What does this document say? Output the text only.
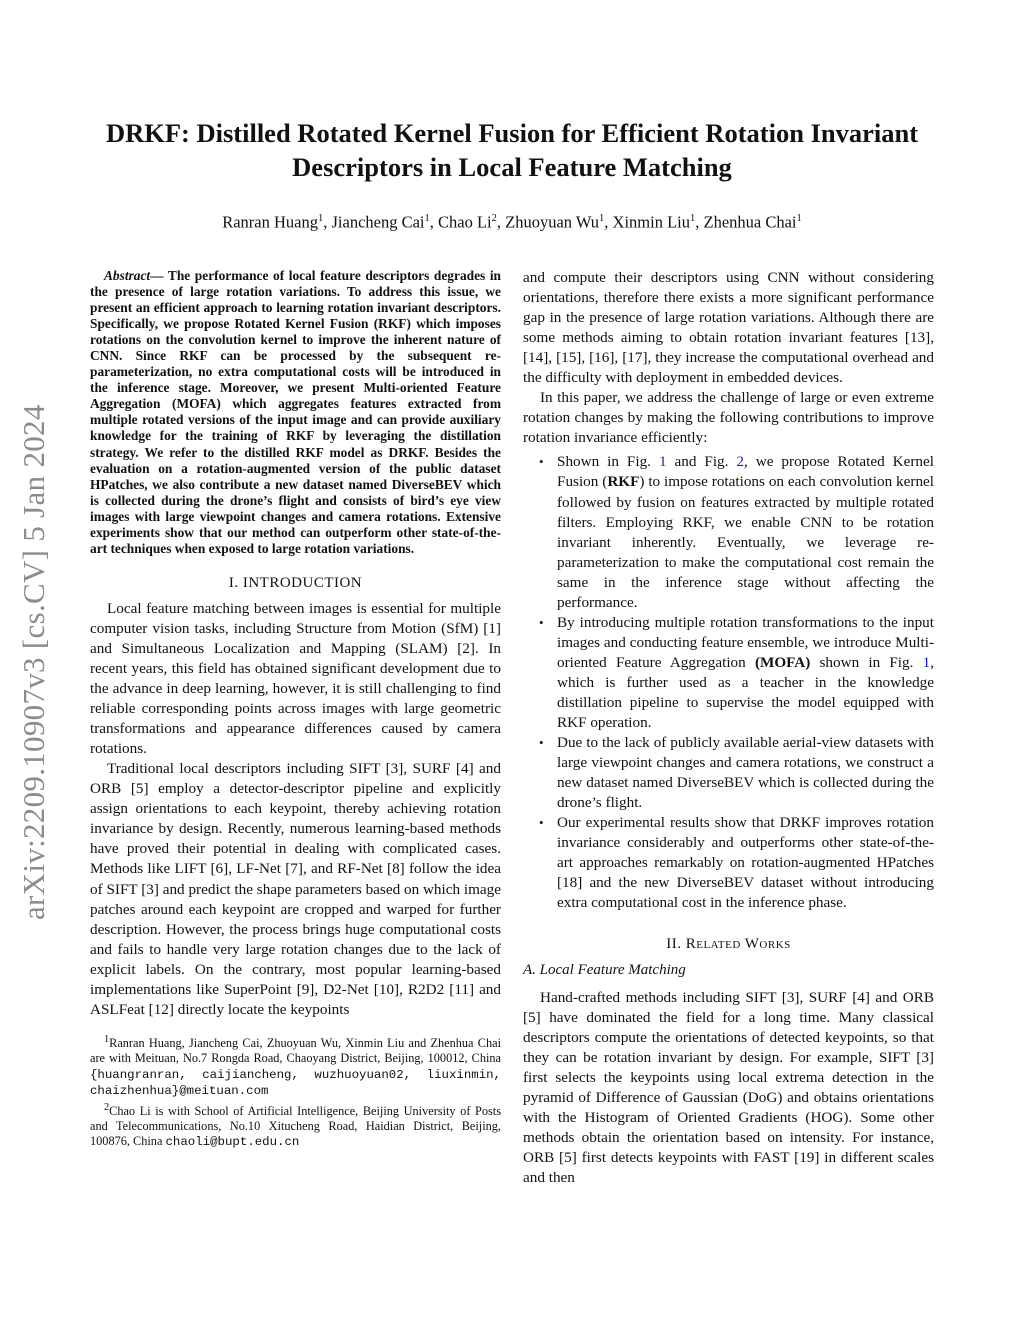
arXiv:2209.10907v3 [cs.CV] 5 Jan 2024
DRKF: Distilled Rotated Kernel Fusion for Efficient Rotation Invariant Descriptors in Local Feature Matching
Ranran Huang$^1$, Jiancheng Cai$^1$, Chao Li$^2$, Zhuoyuan Wu$^1$, Xinmin Liu$^1$, Zhenhua Chai$^1$

Abstract— The performance of local feature descriptors degrades in the presence of large rotation variations. To address this issue, we present an efficient approach to learning rotation invariant descriptors. Specifically, we propose Rotated Kernel Fusion (RKF) which imposes rotations on the convolution kernel to improve the inherent nature of CNN. Since RKF can be processed by the subsequent re-parameterization, no extra computational costs will be introduced in the inference stage. Moreover, we present Multi-oriented Feature Aggregation (MOFA) which aggregates features extracted from multiple rotated versions of the input image and can provide auxiliary knowledge for the training of RKF by leveraging the distillation strategy. We refer to the distilled RKF model as DRKF. Besides the evaluation on a rotation-augmented version of the public dataset HPatches, we also contribute a new dataset named DiverseBEV which is collected during the drone’s flight and consists of bird’s eye view images with large viewpoint changes and camera rotations. Extensive experiments show that our method can outperform other state-of-the-art techniques when exposed to large rotation variations.

I. INTRODUCTION

Local feature matching between images is essential for multiple computer vision tasks, including Structure from Motion (SfM) [1] and Simultaneous Localization and Mapping (SLAM) [2]. In recent years, this field has obtained significant development due to the advance in deep learning, however, it is still challenging to find reliable corresponding points across images with large geometric transformations and appearance differences caused by camera rotations.

Traditional local descriptors including SIFT [3], SURF [4] and ORB [5] employ a detector-descriptor pipeline and explicitly assign orientations to each keypoint, thereby achieving rotation invariance by design. Recently, numerous learning-based methods have proved their potential in dealing with complicated cases. Methods like LIFT [6], LF-Net [7], and RF-Net [8] follow the idea of SIFT [3] and predict the shape parameters based on which image patches around each keypoint are cropped and warped for further description. However, the process brings huge computational costs and fails to handle very large rotation changes due to the lack of explicit labels. On the contrary, most popular learning-based implementations like SuperPoint [9], D2-Net [10], R2D2 [11] and ASLFeat [12] directly locate the keypoints

$^1$Ranran Huang, Jiancheng Cai, Zhuoyuan Wu, Xinmin Liu and Zhenhua Chai are with Meituan, No.7 Rongda Road, Chaoyang District, Beijing, 100012, China {huangranran, caijiancheng, wuzhuoyuan02, liuxinmin, chaizhenhua}@meituan.com

$^2$Chao Li is with School of Artificial Intelligence, Beijing University of Posts and Telecommunications, No.10 Xitucheng Road, Haidian District, Beijing, 100876, China chaoli@bupt.edu.cn

and compute their descriptors using CNN without considering orientations, therefore there exists a more significant performance gap in the presence of large rotation variations. Although there are some methods aiming to obtain rotation invariant features [13], [14], [15], [16], [17], they increase the computational overhead and the difficulty with deployment in embedded devices.

In this paper, we address the challenge of large or even extreme rotation changes by making the following contributions to improve rotation invariance efficiently:

• Shown in Fig. 1 and Fig. 2, we propose Rotated Kernel Fusion (RKF) to impose rotations on each convolution kernel followed by fusion on features extracted by multiple rotated filters. Employing RKF, we enable CNN to be rotation invariant inherently. Eventually, we leverage re-parameterization to make the computational cost remain the same in the inference stage without affecting the performance.
• By introducing multiple rotation transformations to the input images and conducting feature ensemble, we introduce Multi-oriented Feature Aggregation (MOFA) shown in Fig. 1, which is further used as a teacher in the knowledge distillation pipeline to supervise the model equipped with RKF operation.
• Due to the lack of publicly available aerial-view datasets with large viewpoint changes and camera rotations, we construct a new dataset named DiverseBEV which is collected during the drone’s flight.
• Our experimental results show that DRKF improves rotation invariance considerably and outperforms other state-of-the-art approaches remarkably on rotation-augmented HPatches [18] and the new DiverseBEV dataset without introducing extra computational cost in the inference phase.

II. Related Works

A. Local Feature Matching

Hand-crafted methods including SIFT [3], SURF [4] and ORB [5] have dominated the field for a long time. Many classical descriptors compute the orientations of detected keypoints, so that they can be rotation invariant by design. For example, SIFT [3] first selects the keypoints using local extrema detection in the pyramid of Difference of Gaussian (DoG) and obtains orientations with the Histogram of Oriented Gradients (HOG). Some other methods obtain the orientation based on intensity. For instance, ORB [5] first detects keypoints with FAST [19] in different scales and then
